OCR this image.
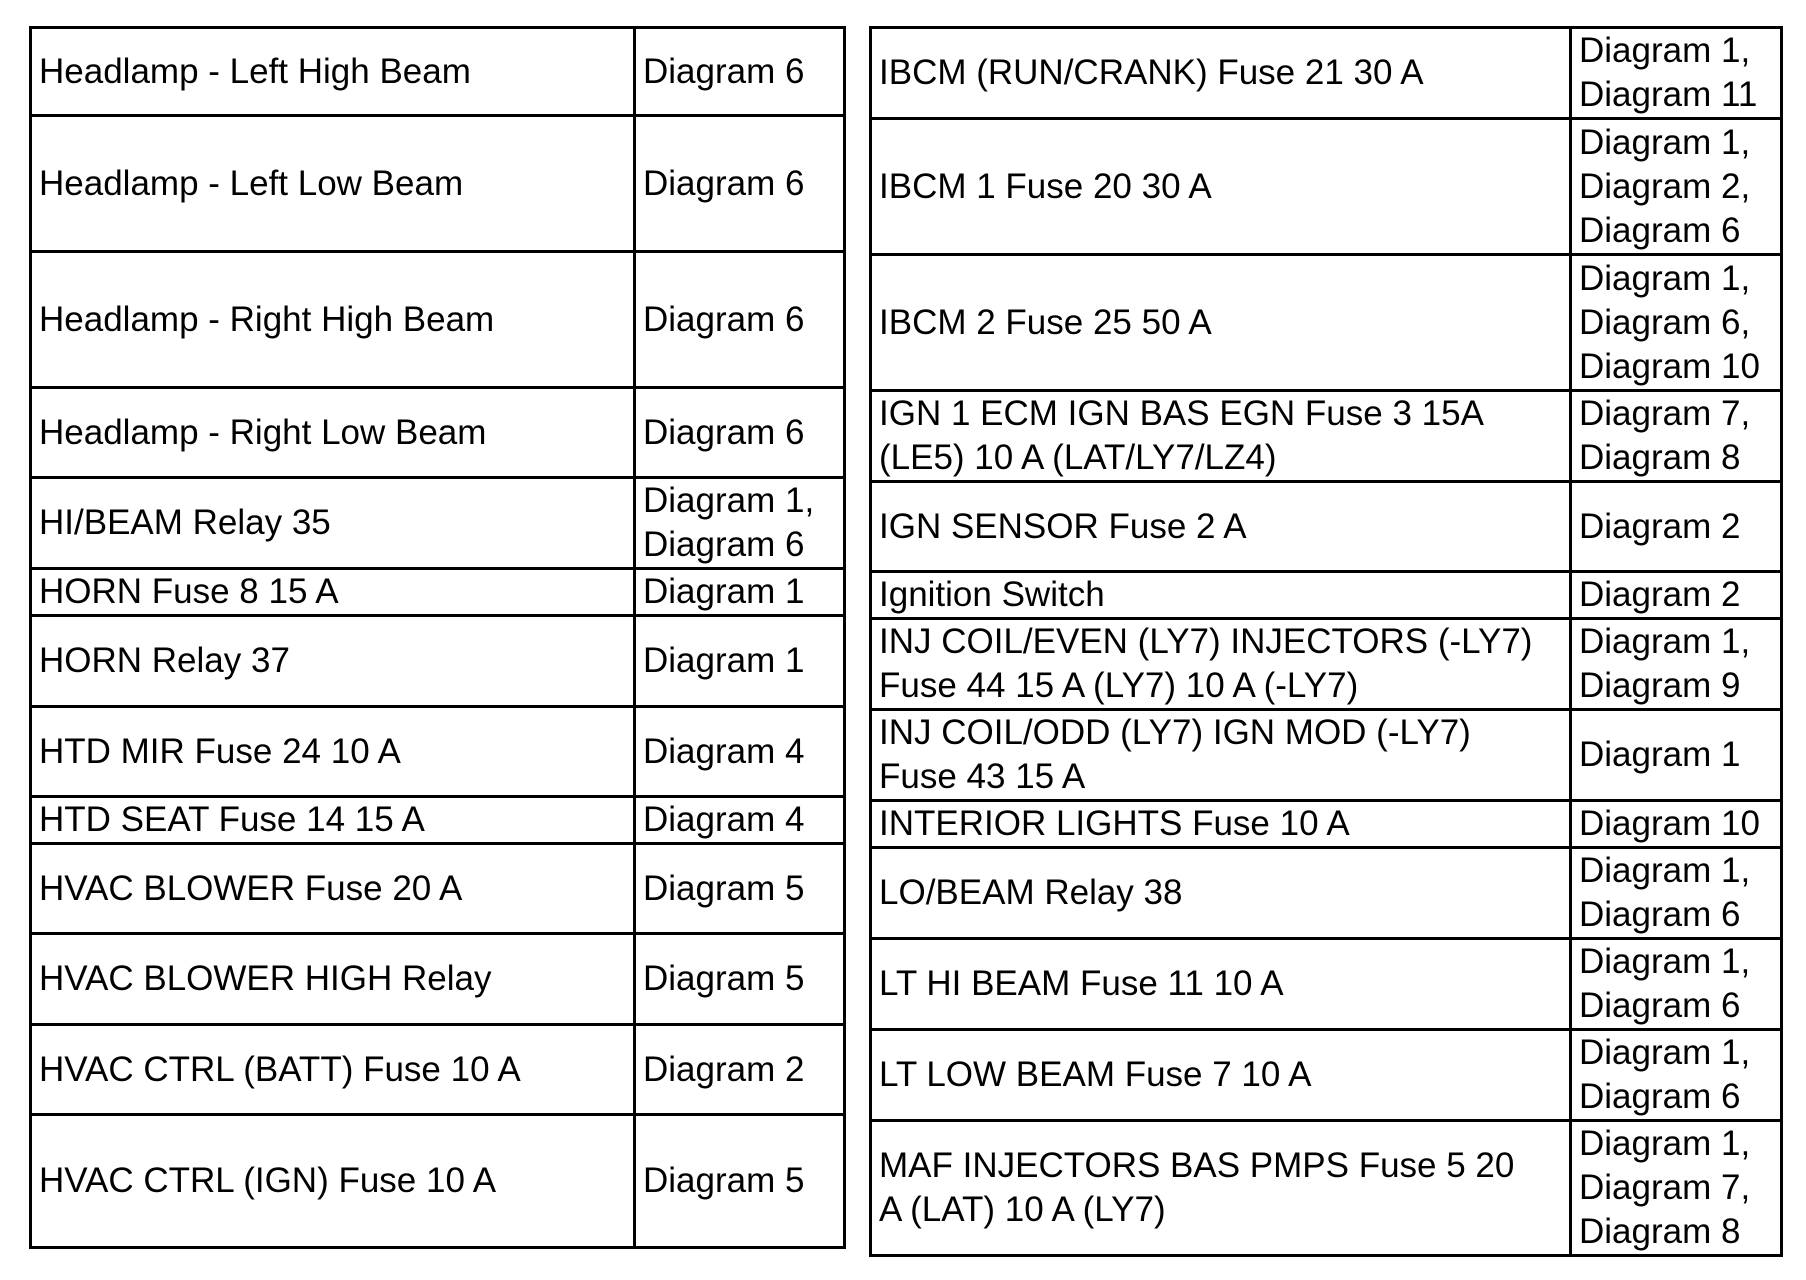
Headlamp - Left High Beam	Diagram 6
Headlamp - Left Low Beam	Diagram 6
Headlamp - Right High Beam	Diagram 6
Headlamp - Right Low Beam	Diagram 6
HI/BEAM Relay 35	Diagram 1,
Diagram 6
HORN Fuse 8 15 A	Diagram 1
HORN Relay 37	Diagram 1
HTD MIR Fuse 24 10 A	Diagram 4
HTD SEAT Fuse 14 15 A	Diagram 4
HVAC BLOWER Fuse 20 A	Diagram 5
HVAC BLOWER HIGH Relay	Diagram 5
HVAC CTRL (BATT) Fuse 10 A	Diagram 2
HVAC CTRL (IGN) Fuse 10 A	Diagram 5
IBCM (RUN/CRANK) Fuse 21 30 A	Diagram 1,
Diagram 11
IBCM 1 Fuse 20 30 A	Diagram 1,
Diagram 2,
Diagram 6
IBCM 2 Fuse 25 50 A	Diagram 1,
Diagram 6,
Diagram 10
IGN 1 ECM IGN BAS EGN Fuse 3 15A
(LE5) 10 A (LAT/LY7/LZ4)	Diagram 7,
Diagram 8
IGN SENSOR Fuse 2 A	Diagram 2
Ignition Switch	Diagram 2
INJ COIL/EVEN (LY7) INJECTORS (-LY7)
Fuse 44 15 A (LY7) 10 A (-LY7)	Diagram 1,
Diagram 9
INJ COIL/ODD (LY7) IGN MOD (-LY7)
Fuse 43 15 A	Diagram 1
INTERIOR LIGHTS Fuse 10 A	Diagram 10
LO/BEAM Relay 38	Diagram 1,
Diagram 6
LT HI BEAM Fuse 11 10 A	Diagram 1,
Diagram 6
LT LOW BEAM Fuse 7 10 A	Diagram 1,
Diagram 6
MAF INJECTORS BAS PMPS Fuse 5 20
A (LAT) 10 A (LY7)	Diagram 1,
Diagram 7,
Diagram 8
